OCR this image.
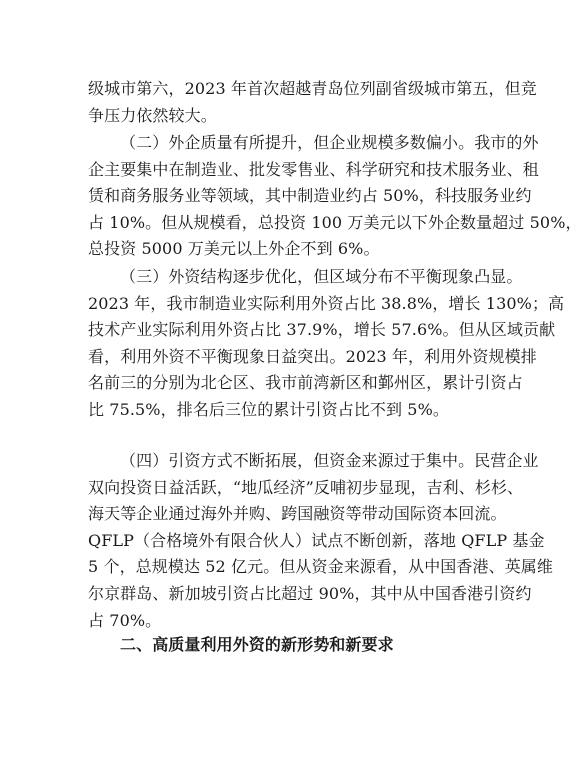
级城市第六，2023 年首次超越青岛位列副省级城市第五，但竞
争压力依然较大。
（二）外企质量有所提升，但企业规模多数偏小。我市的外
企主要集中在制造业、批发零售业、科学研究和技术服务业、租
赁和商务服务业等领域，其中制造业约占 50%，科技服务业约
占 10%。但从规模看，总投资 100 万美元以下外企数量超过 50%，
总投资 5000 万美元以上外企不到 6%。
（三）外资结构逐步优化，但区域分布不平衡现象凸显。
2023 年，我市制造业实际利用外资占比 38.8%，增长 130%；高
技术产业实际利用外资占比 37.9%，增长 57.6%。但从区域贡献
看，利用外资不平衡现象日益突出。2023 年，利用外资规模排
名前三的分别为北仑区、我市前湾新区和鄞州区，累计引资占
比 75.5%，排名后三位的累计引资占比不到 5%。
（四）引资方式不断拓展，但资金来源过于集中。民营企业
双向投资日益活跃，“地瓜经济”反哺初步显现，吉利、杉杉、
海天等企业通过海外并购、跨国融资等带动国际资本回流。
QFLP（合格境外有限合伙人）试点不断创新，落地 QFLP 基金
5 个，总规模达 52 亿元。但从资金来源看，从中国香港、英属维
尔京群岛、新加坡引资占比超过 90%，其中从中国香港引资约
占 70%。
二、高质量利用外资的新形势和新要求
